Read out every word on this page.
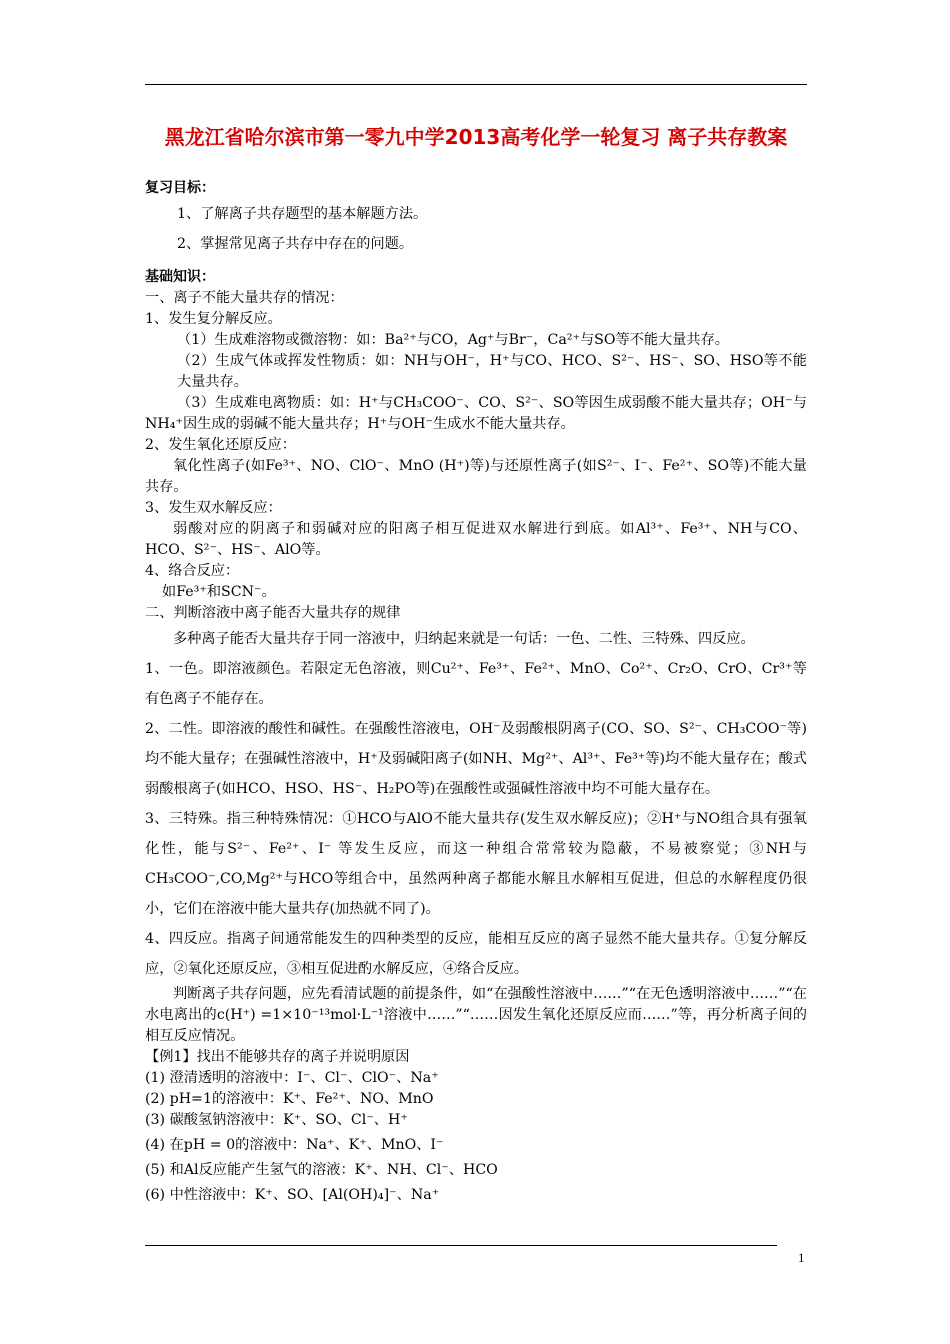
黑龙江省哈尔滨市第一零九中学2013高考化学一轮复习 离子共存教案

复习目标：

1、了解离子共存题型的基本解题方法。

2、掌握常见离子共存中存在的问题。

基础知识：

一、离子不能大量共存的情况：

1、发生复分解反应。

（1）生成难溶物或微溶物：如：Ba²⁺与CO，Ag⁺与Br⁻，Ca²⁺与SO等不能大量共存。

（2）生成气体或挥发性物质：如：NH与OH⁻，H⁺与CO、HCO、S²⁻、HS⁻、SO、HSO等不能大量共存。

（3）生成难电离物质：如：H⁺与CH₃COO⁻、CO、S²⁻、SO等因生成弱酸不能大量共存；OH⁻与NH₄⁺因生成的弱碱不能大量共存；H⁺与OH⁻生成水不能大量共存。

2、发生氧化还原反应：

氧化性离子(如Fe³⁺、NO、ClO⁻、MnO (H⁺)等)与还原性离子(如S²⁻、I⁻、Fe²⁺、SO等)不能大量共存。

3、发生双水解反应：

弱酸对应的阴离子和弱碱对应的阳离子相互促进双水解进行到底。如Al³⁺、Fe³⁺、NH与CO、HCO、S²⁻、HS⁻、AlO等。

4、络合反应：

如Fe³⁺和SCN⁻。

二、判断溶液中离子能否大量共存的规律

多种离子能否大量共存于同一溶液中，归纳起来就是一句话：一色、二性、三特殊、四反应。

1、一色。即溶液颜色。若限定无色溶液，则Cu²⁺、Fe³⁺、Fe²⁺、MnO、Co²⁺、Cr₂O、CrO、Cr³⁺等有色离子不能存在。

2、二性。即溶液的酸性和碱性。在强酸性溶液电，OH⁻及弱酸根阴离子(CO、SO、S²⁻、CH₃COO⁻等)均不能大量存；在强碱性溶液中，H⁺及弱碱阳离子(如NH、Mg²⁺、Al³⁺、Fe³⁺等)均不能大量存在；酸式弱酸根离子(如HCO、HSO、HS⁻、H₂PO等)在强酸性或强碱性溶液中均不可能大量存在。

3、三特殊。指三种特殊情况：①HCO与AlO不能大量共存(发生双水解反应)；②H⁺与NO组合具有强氧化性，能与S²⁻、Fe²⁺、I⁻ 等发生反应，而这一种组合常常较为隐蔽，不易被察觉；③NH与CH₃COO⁻,CO,Mg²⁺与HCO等组合中，虽然两种离子都能水解且水解相互促进，但总的水解程度仍很小，它们在溶液中能大量共存(加热就不同了)。

4、四反应。指离子间通常能发生的四种类型的反应，能相互反应的离子显然不能大量共存。①复分解反应，②氧化还原反应，③相互促进酌水解反应，④络合反应。

判断离子共存问题，应先看清试题的前提条件，如“在强酸性溶液中……”“在无色透明溶液中……”“在水电离出的c(H⁺) =1×10⁻¹³mol·L⁻¹溶液中……”“……因发生氧化还原反应而……”等，再分析离子间的相互反应情况。

【例1】找出不能够共存的离子并说明原因

(1) 澄清透明的溶液中：I⁻、Cl⁻、ClO⁻、Na⁺

(2) pH=1的溶液中：K⁺、Fe²⁺、NO、MnO

(3) 碳酸氢钠溶液中：K⁺、SO、Cl⁻、H⁺

(4) 在pH = 0的溶液中：Na⁺、K⁺、MnO、I⁻

(5) 和Al反应能产生氢气的溶液：K⁺、NH、Cl⁻、HCO

(6) 中性溶液中：K⁺、SO、[Al(OH)₄]⁻、Na⁺

1
